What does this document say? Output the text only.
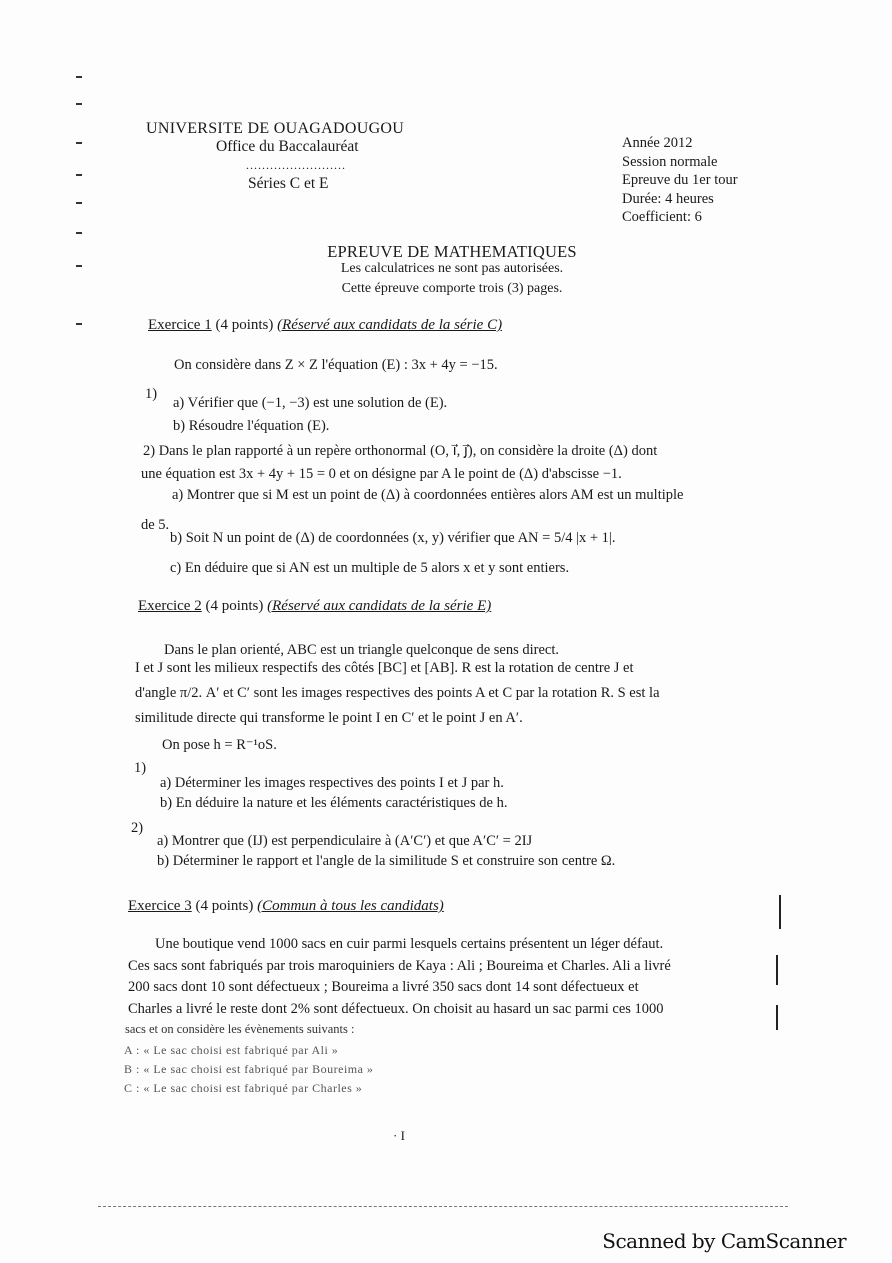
UNIVERSITE DE OUAGADOUGOU
Office du Baccalauréat
.........................
Séries C et E
Année 2012
Session normale
Epreuve du 1er tour
Durée: 4 heures
Coefficient: 6
EPREUVE DE MATHEMATIQUES
Les calculatrices ne sont pas autorisées.
Cette épreuve comporte trois (3) pages.
Exercice 1 (4 points) (Réservé aux candidats de la série C)
On considère dans Z × Z l'équation (E) : 3x + 4y = −15.
1)
a) Vérifier que (−1, −3) est une solution de (E).
b) Résoudre l'équation (E).
2) Dans le plan rapporté à un repère orthonormal (O, i⃗, j⃗), on considère la droite (Δ) dont
une équation est 3x + 4y + 15 = 0 et on désigne par A le point de (Δ) d'abscisse −1.
a) Montrer que si M est un point de (Δ) à coordonnées entières alors AM est un multiple
de 5.
b) Soit N un point de (Δ) de coordonnées (x, y) vérifier que AN = 5/4 |x + 1|.
c) En déduire que si AN est un multiple de 5 alors x et y sont entiers.
Exercice 2 (4 points) (Réservé aux candidats de la série E)
Dans le plan orienté, ABC est un triangle quelconque de sens direct.
I et J sont les milieux respectifs des côtés [BC] et [AB]. R est la rotation de centre J et
d'angle π/2. A′ et C′ sont les images respectives des points A et C par la rotation R. S est la
similitude directe qui transforme le point I en C′ et le point J en A′.
On pose h = R⁻¹oS.
1)
a) Déterminer les images respectives des points I et J par h.
b) En déduire la nature et les éléments caractéristiques de h.
2)
a) Montrer que (IJ) est perpendiculaire à (A′C′) et que A′C′ = 2IJ
b) Déterminer le rapport et l'angle de la similitude S et construire son centre Ω.
Exercice 3 (4 points) (Commun à tous les candidats)
Une boutique vend 1000 sacs en cuir parmi lesquels certains présentent un léger défaut.
Ces sacs sont fabriqués par trois maroquiniers de Kaya : Ali ; Boureima et Charles. Ali a livré
200 sacs dont 10 sont défectueux ; Boureima a livré 350 sacs dont 14 sont défectueux et
Charles a livré le reste dont 2% sont défectueux. On choisit au hasard un sac parmi ces 1000
sacs et on considère les évènements suivants :
A : « Le sac choisi est fabriqué par Ali »
B : « Le sac choisi est fabriqué par Boureima »
C : « Le sac choisi est fabriqué par Charles »
· I
Scanned by CamScanner
